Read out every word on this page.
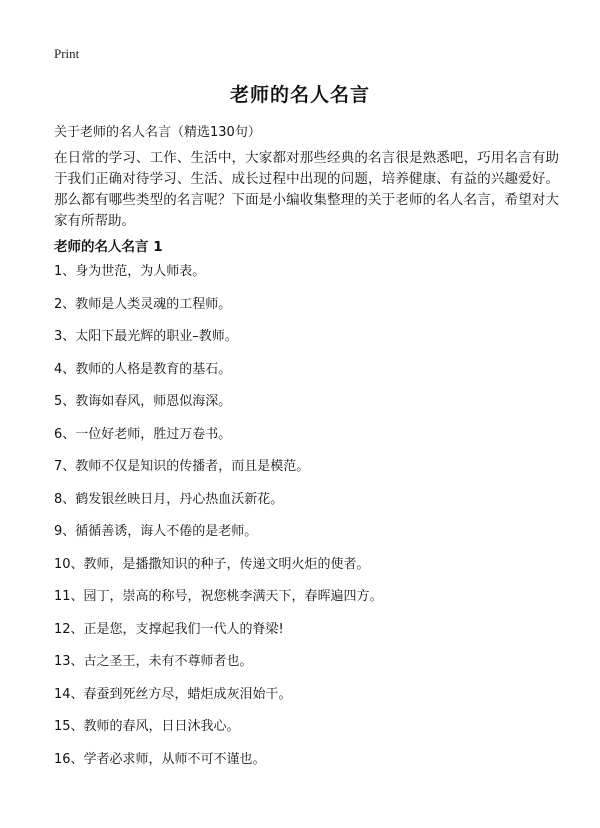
Print
老师的名人名言

关于老师的名人名言（精选130句）

在日常的学习、工作、生活中，大家都对那些经典的名言很是熟悉吧，巧用名言有助于我们正确对待学习、生活、成长过程中出现的问题，培养健康、有益的兴趣爱好。那么都有哪些类型的名言呢？下面是小编收集整理的关于老师的名人名言，希望对大家有所帮助。

老师的名人名言 1
1、身为世范，为人师表。
2、教师是人类灵魂的工程师。
3、太阳下最光辉的职业–教师。
4、教师的人格是教育的基石。
5、教诲如春风，师恩似海深。
6、一位好老师，胜过万卷书。
7、教师不仅是知识的传播者，而且是模范。
8、鹤发银丝映日月，丹心热血沃新花。
9、循循善诱，诲人不倦的是老师。
10、教师，是播撒知识的种子，传递文明火炬的使者。
11、园丁，崇高的称号，祝您桃李满天下，春晖遍四方。
12、正是您，支撑起我们一代人的脊梁!
13、古之圣王，未有不尊师者也。
14、春蚕到死丝方尽，蜡炬成灰泪始干。
15、教师的春风，日日沐我心。
16、学者必求师，从师不可不谨也。
